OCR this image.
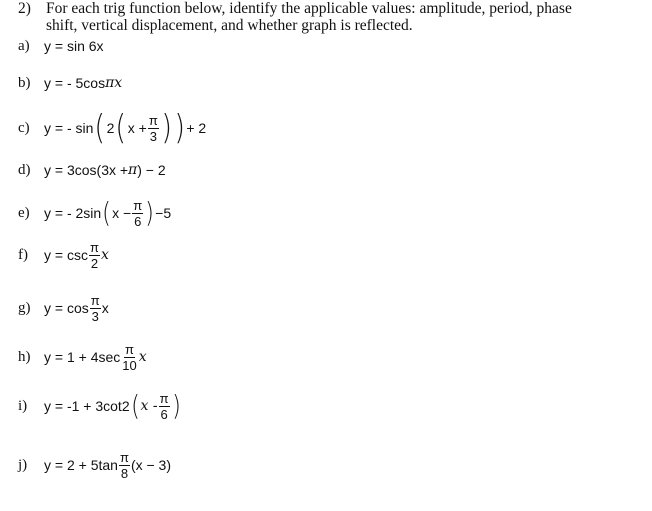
2) For each trig function below, identify the applicable values: amplitude, period, phase
shift, vertical displacement, and whether graph is reflected.
a)	y = sin 6x
b) y = - 5cos π x
c)	y = - sin ( 2 ( $x + \frac{\pi}{3}$ ) ) + 2
d) y = 3cos(3x + π ) − 2
e)	y = - 2sin ( $x - \frac{\pi}{6}$ ) −5
f)	$y = \csc \frac{\pi}{2}$ x
g) $y = \cos \frac{\pi}{3}$ x
h) $y = 1 + 4\sec \frac{\pi}{10}$ x
i)	y = -1 + 3cot2 ( x - $\frac{\pi}{6}$ )
j)	$y = 2 + 5\tan \frac{\pi}{8} (x - 3)$
